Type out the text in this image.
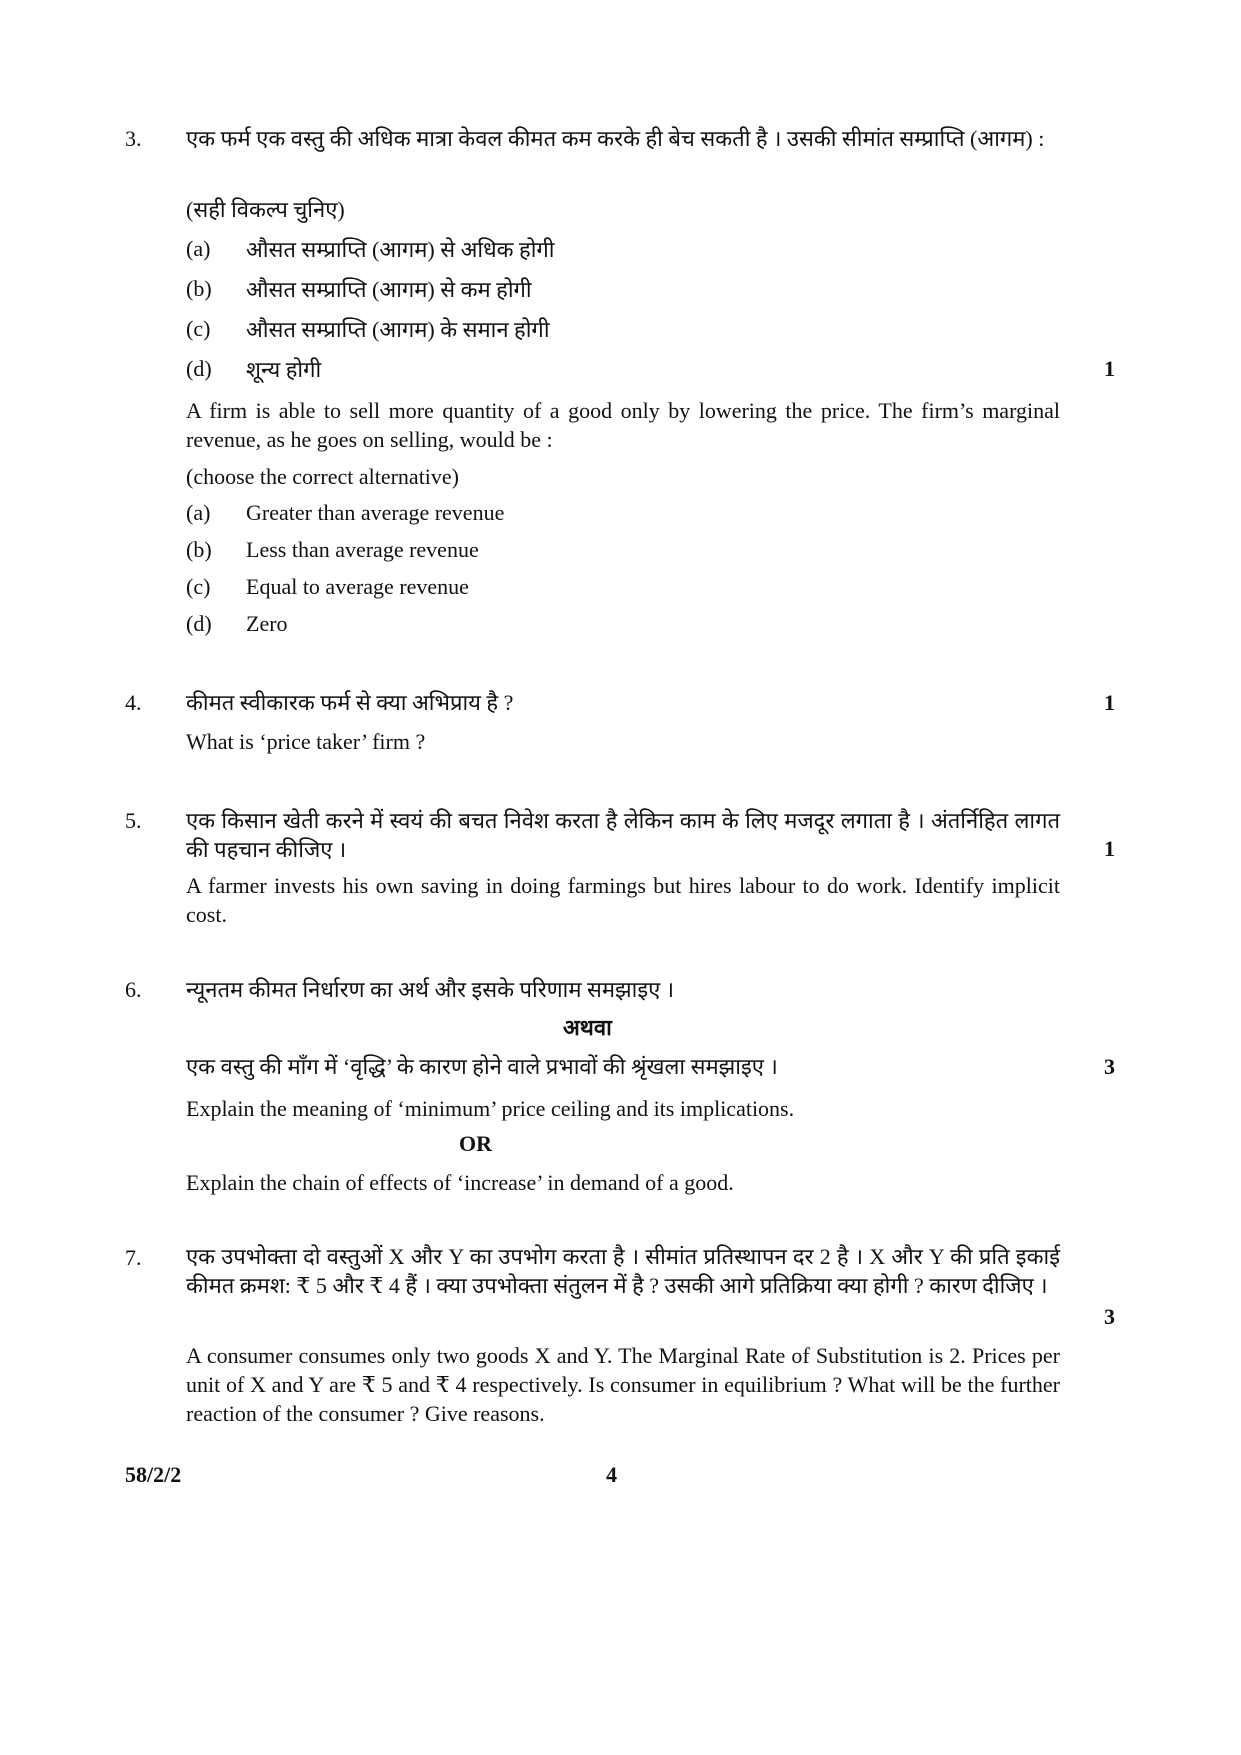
3. एक फर्म एक वस्तु की अधिक मात्रा केवल कीमत कम करके ही बेच सकती है । उसकी सीमांत सम्प्राप्ति (आगम) :
(सही विकल्प चुनिए)
(a) औसत सम्प्राप्ति (आगम) से अधिक होगी
(b) औसत सम्प्राप्ति (आगम) से कम होगी
(c) औसत सम्प्राप्ति (आगम) के समान होगी
(d) शून्य होगी	1
A firm is able to sell more quantity of a good only by lowering the price. The firm’s marginal revenue, as he goes on selling, would be :
(choose the correct alternative)
(a) Greater than average revenue
(b) Less than average revenue
(c) Equal to average revenue
(d) Zero
4. कीमत स्वीकारक फर्म से क्या अभिप्राय है ?	1
What is ‘price taker’ firm ?
5. एक किसान खेती करने में स्वयं की बचत निवेश करता है लेकिन काम के लिए मजदूर लगाता है । अंतर्निहित लागत की पहचान कीजिए ।	1
A farmer invests his own saving in doing farmings but hires labour to do work. Identify implicit cost.
6. न्यूनतम कीमत निर्धारण का अर्थ और इसके परिणाम समझाइए ।
अथवा
एक वस्तु की माँग में ‘वृद्धि’ के कारण होने वाले प्रभावों की श्रृंखला समझाइए ।	3
Explain the meaning of ‘minimum’ price ceiling and its implications.
OR
Explain the chain of effects of ‘increase’ in demand of a good.
7. एक उपभोक्ता दो वस्तुओं X और Y का उपभोग करता है । सीमांत प्रतिस्थापन दर 2 है । X और Y की प्रति इकाई कीमत क्रमश: ₹ 5 और ₹ 4 हैं । क्या उपभोक्ता संतुलन में है ? उसकी आगे प्रतिक्रिया क्या होगी ? कारण दीजिए ।
3
A consumer consumes only two goods X and Y. The Marginal Rate of Substitution is 2. Prices per unit of X and Y are ₹ 5 and ₹ 4 respectively. Is consumer in equilibrium ? What will be the further reaction of the consumer ? Give reasons.
58/2/2	4
